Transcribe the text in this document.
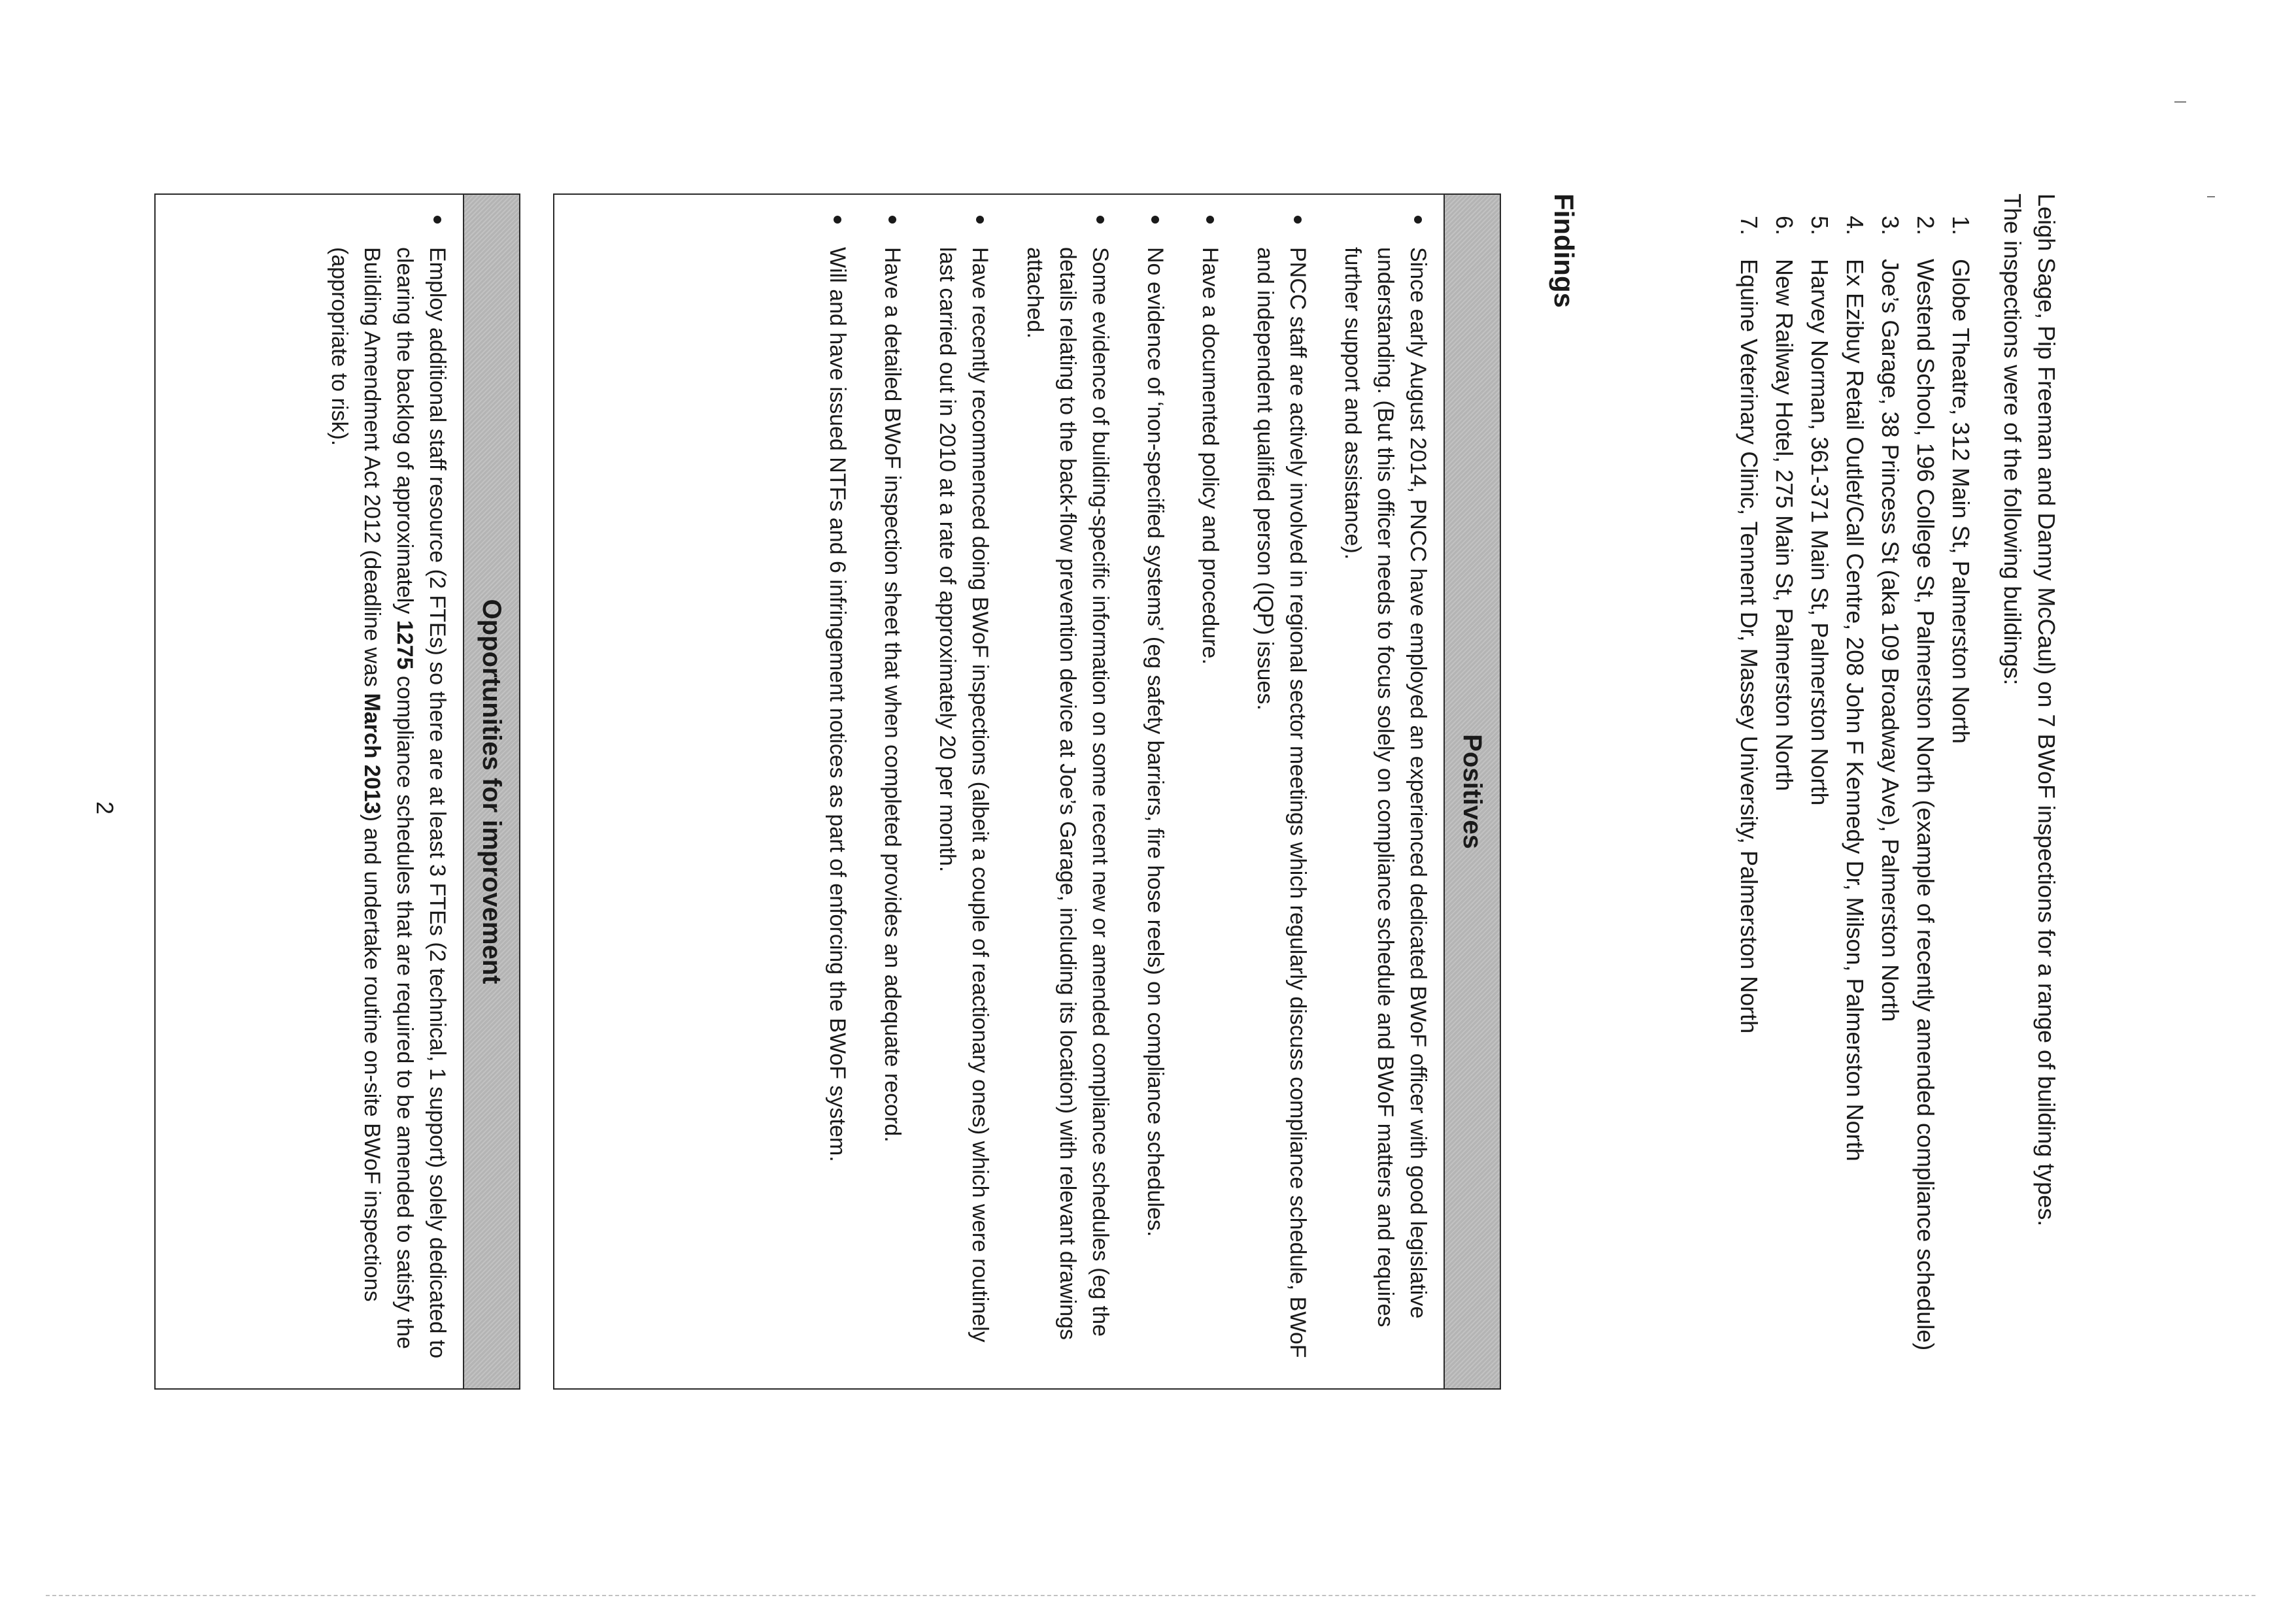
Leigh Sage, Pip Freeman and Danny McCaul) on 7 BWoF inspections for a range of building types.

The inspections were of the following buildings:

1.
Globe Theatre, 312 Main St, Palmerston North
2.
Westend School, 196 College St, Palmerston North (example of recently amended compliance schedule)
3.
Joe’s Garage, 38 Princess St (aka 109 Broadway Ave), Palmerston North
4.
Ex Ezibuy Retail Outlet/Call Centre, 208 John F Kennedy Dr, Milson, Palmerston North
5.
Harvey Norman, 361-371 Main St, Palmerston North
6.
New Railway Hotel, 275 Main St, Palmerston North
7.
Equine Veterinary Clinic, Tennent Dr, Massey University, Palmerston North
Findings
Positives
Since early August 2014, PNCC have employed an experienced dedicated BWoF officer with good legislative understanding. (But this officer needs to focus solely on compliance schedule and BWoF matters and requires further support and assistance).
PNCC staff are actively involved in regional sector meetings which regularly discuss compliance schedule, BWoF and independent qualified person (IQP) issues.
Have a documented policy and procedure.
No evidence of ‘non-specified systems’ (eg safety barriers, fire hose reels) on compliance schedules.
Some evidence of building-specific information on some recent new or amended compliance schedules (eg the details relating to the back-flow prevention device at Joe’s Garage, including its location) with relevant drawings attached.
Have recently recommenced doing BWoF inspections (albeit a couple of reactionary ones) which were routinely last carried out in 2010 at a rate of approximately 20 per month.
Have a detailed BWoF inspection sheet that when completed provides an adequate record.
Will and have issued NTFs and 6 infringement notices as part of enforcing the BWoF system.
Opportunities for improvement
Employ additional staff resource (2 FTEs) so there are at least 3 FTEs (2 technical, 1 support) solely dedicated to clearing the backlog of approximately 1275 compliance schedules that are required to be amended to satisfy the Building Amendment Act 2012 (deadline was March 2013) and undertake routine on-site BWoF inspections (appropriate to risk).
2
